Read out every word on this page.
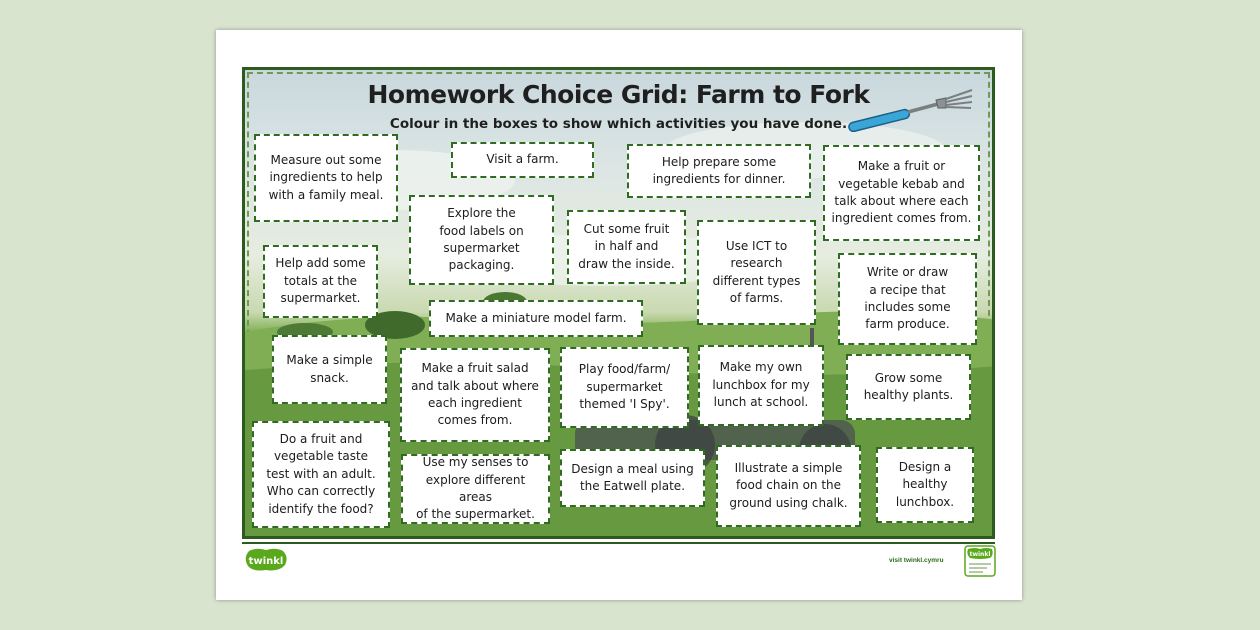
Homework Choice Grid: Farm to Fork
Colour in the boxes to show which activities you have done.
Measure out some
ingredients to help
with a family meal.
Visit a farm.	Help prepare some
ingredients for dinner.
Make a fruit or
vegetable kebab and
talk about where each
ingredient comes from.
Explore the
food labels on
supermarket
packaging.
Cut some fruit
in half and
draw the inside.
Use ICT to
research
different types
of farms.
Help add some
totals at the
supermarket.
Write or draw
a recipe that
includes some
farm produce.
Make a miniature model farm.
Make a simple
snack.
Make a fruit salad
and talk about where
each ingredient
comes from.
Play food/farm/
supermarket
themed 'I Spy'.
Make my own
lunchbox for my
lunch at school.
Grow some
healthy plants.
Do a fruit and
vegetable taste
test with an adult.
Who can correctly
identify the food?
Use my senses to
explore different areas
of the supermarket.
Design a meal using
the Eatwell plate.
Illustrate a simple
food chain on the
ground using chalk.
Design a
healthy
lunchbox.
twinkl	visit twinkl.cymru
twinkl
